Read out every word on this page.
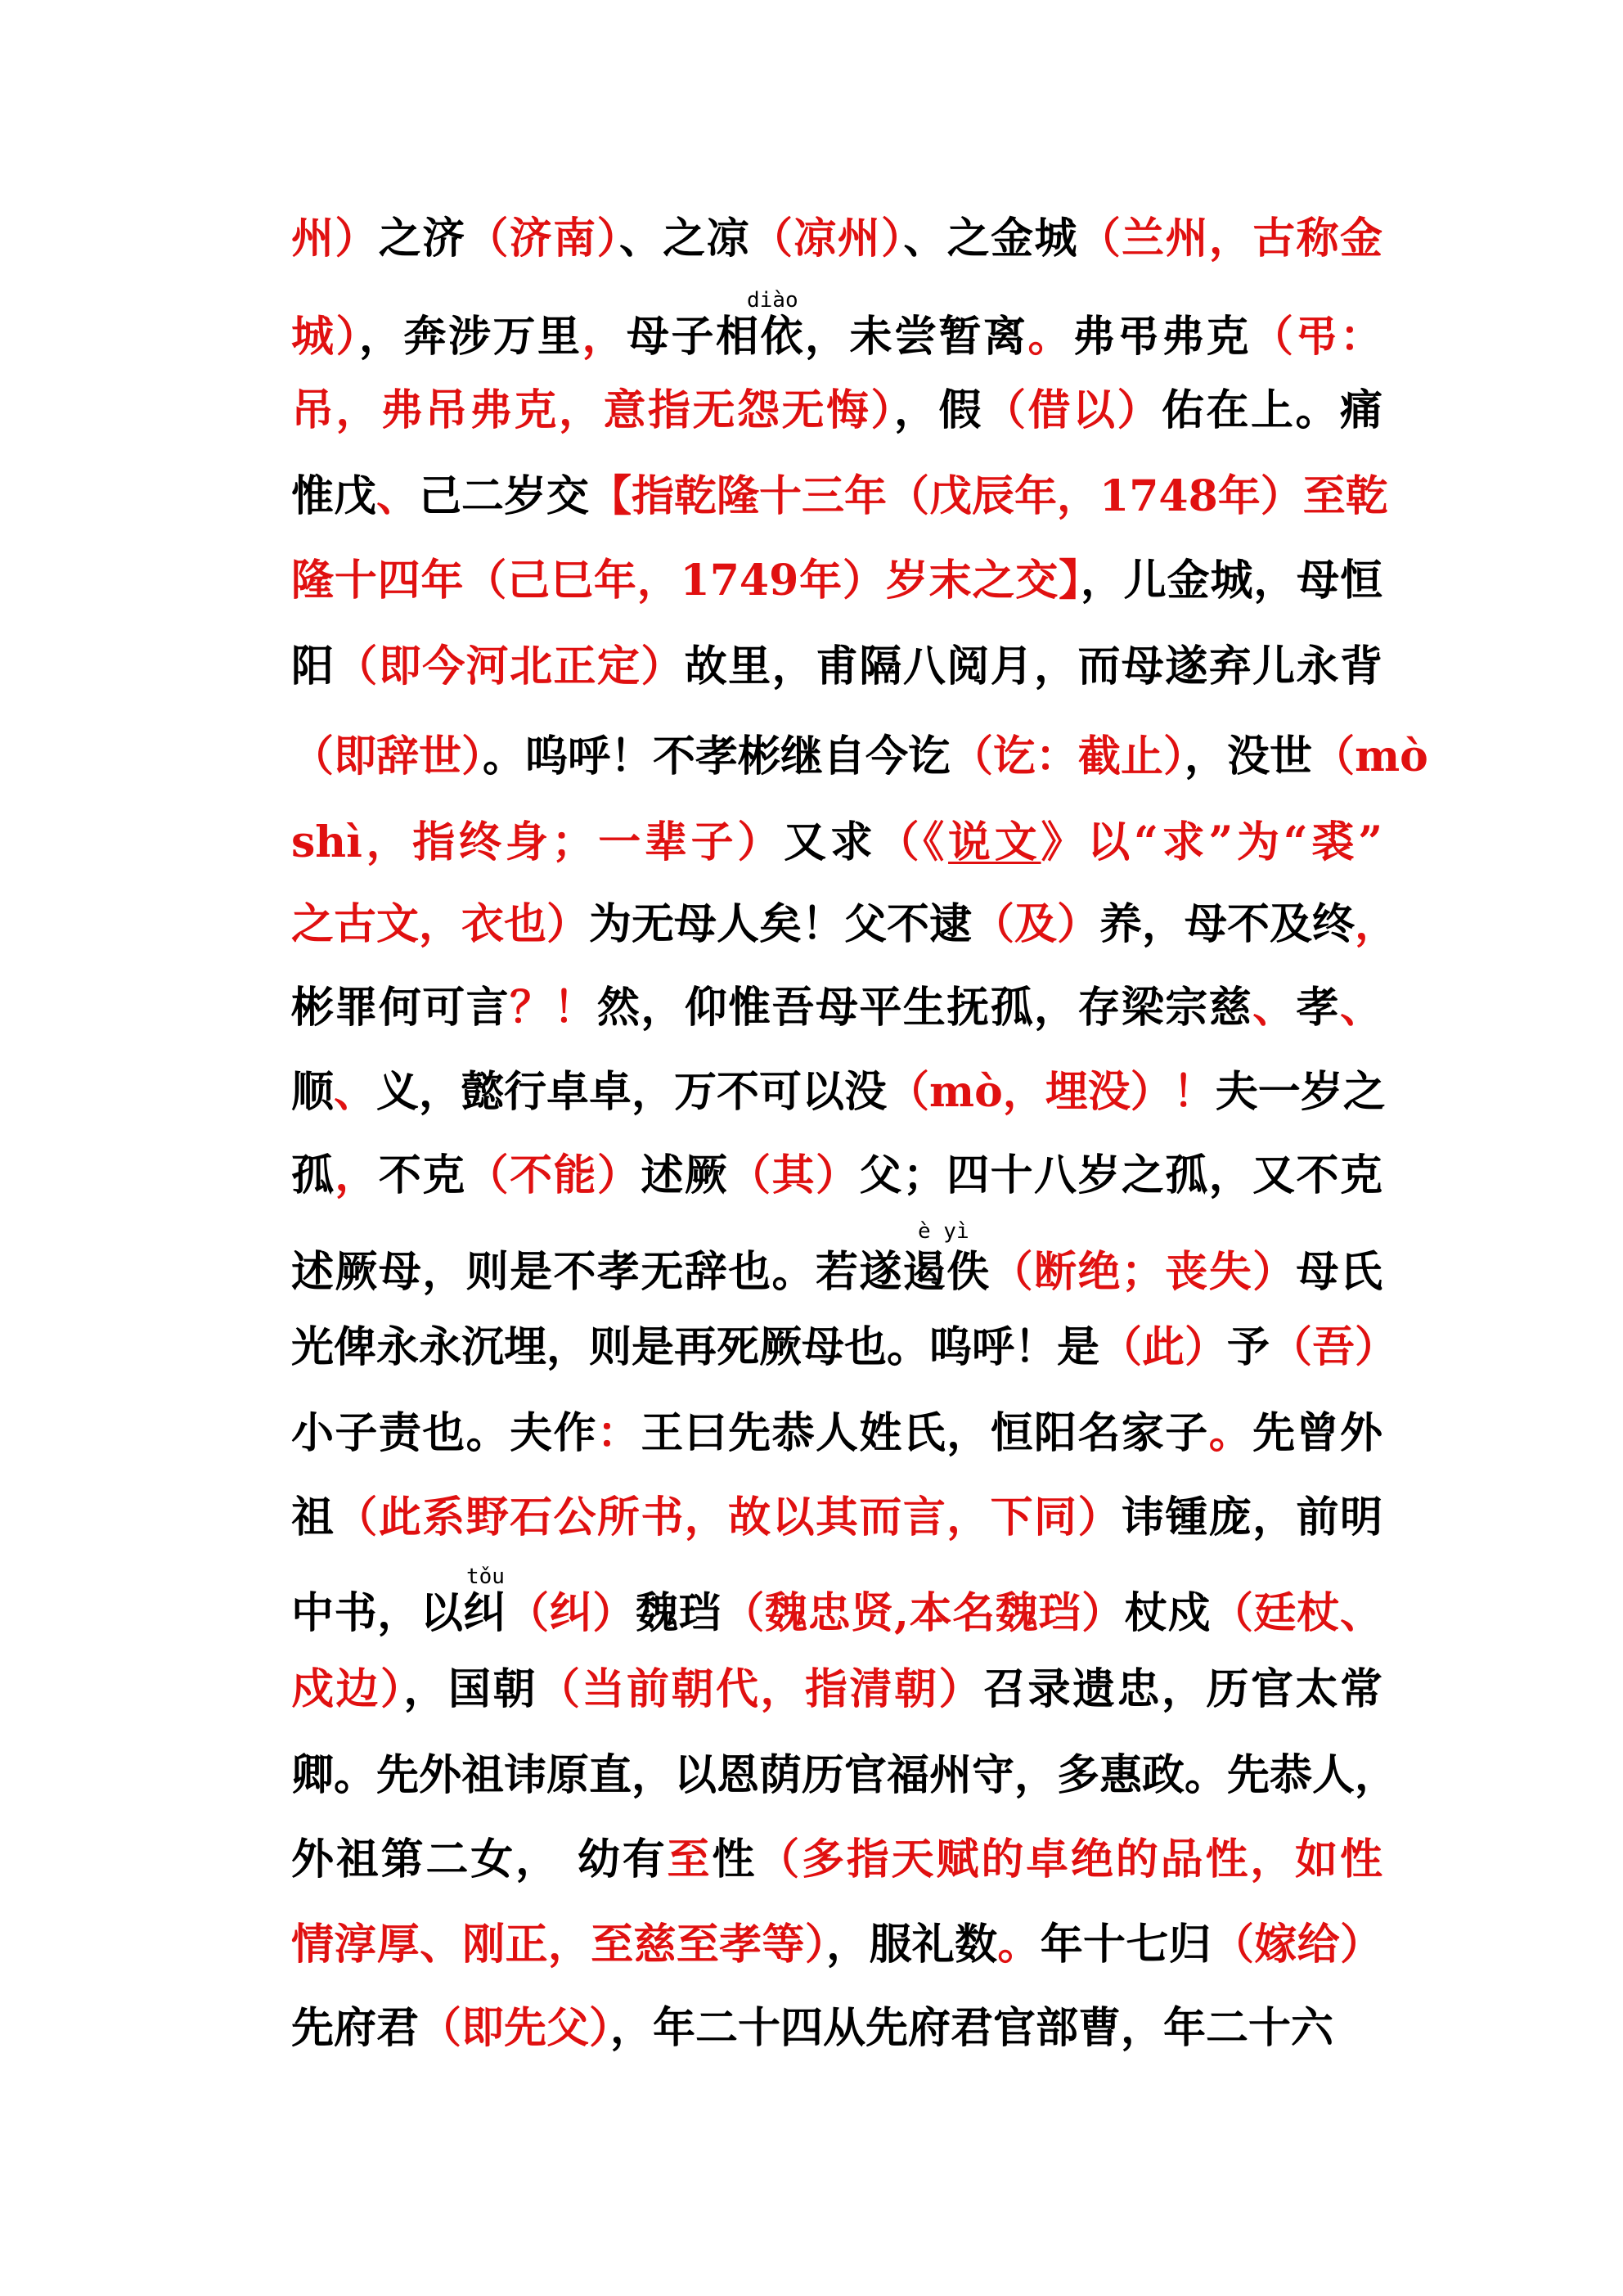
diào
è yì
tǒu
州）之济（济南）、之凉（凉州）、之金城（兰州，古称金
城），奔涉万里，母子相依，未尝暂离。弗弔弗克（弔：
吊，弗吊弗克，意指无怨无悔），假（借以）佑在上。痛
惟戊、己二岁交【指乾隆十三年（戊辰年，1748年）至乾
隆十四年（己巳年，1749年）岁末之交】，儿金城，母恒
阳（即今河北正定）故里，甫隔八阅月，而母遂弃儿永背
（即辞世）。呜呼！不孝彬继自今讫（讫：截止），没世（mò
shì，指终身；一辈子）又求（《说文》以“求”为“裘”
之古文，衣也）为无母人矣！父不逮（及）养，母不及终，
彬罪何可言？！然，仰惟吾母平生抚孤，存梁宗慈、孝、
顺、义，懿行卓卓，万不可以没（mò，埋没）！夫一岁之
孤，不克（不能）述厥（其）父；四十八岁之孤，又不克
述厥母，则是不孝无辞也。若遂遏佚（断绝；丧失）母氏
光俾永永沉埋，则是再死厥母也。呜呼！是（此）予（吾）
小子责也。夫作：王曰先恭人姓氏，恒阳名家子。先曾外
祖（此系野石公所书，故以其而言，下同）讳锺庞，前明
中书，以纠（纠）魏珰（魏忠贤,本名魏珰）杖戍（廷杖、
戍边），国朝（当前朝代，指清朝）召录遗忠，历官太常
卿。先外祖讳原直，以恩荫历官福州守，多惠政。先恭人，
外祖第二女， 幼有至性（多指天赋的卓绝的品性，如性
情淳厚、刚正，至慈至孝等），服礼数。年十七归（嫁给）
先府君（即先父），年二十四从先府君官部曹，年二十六
